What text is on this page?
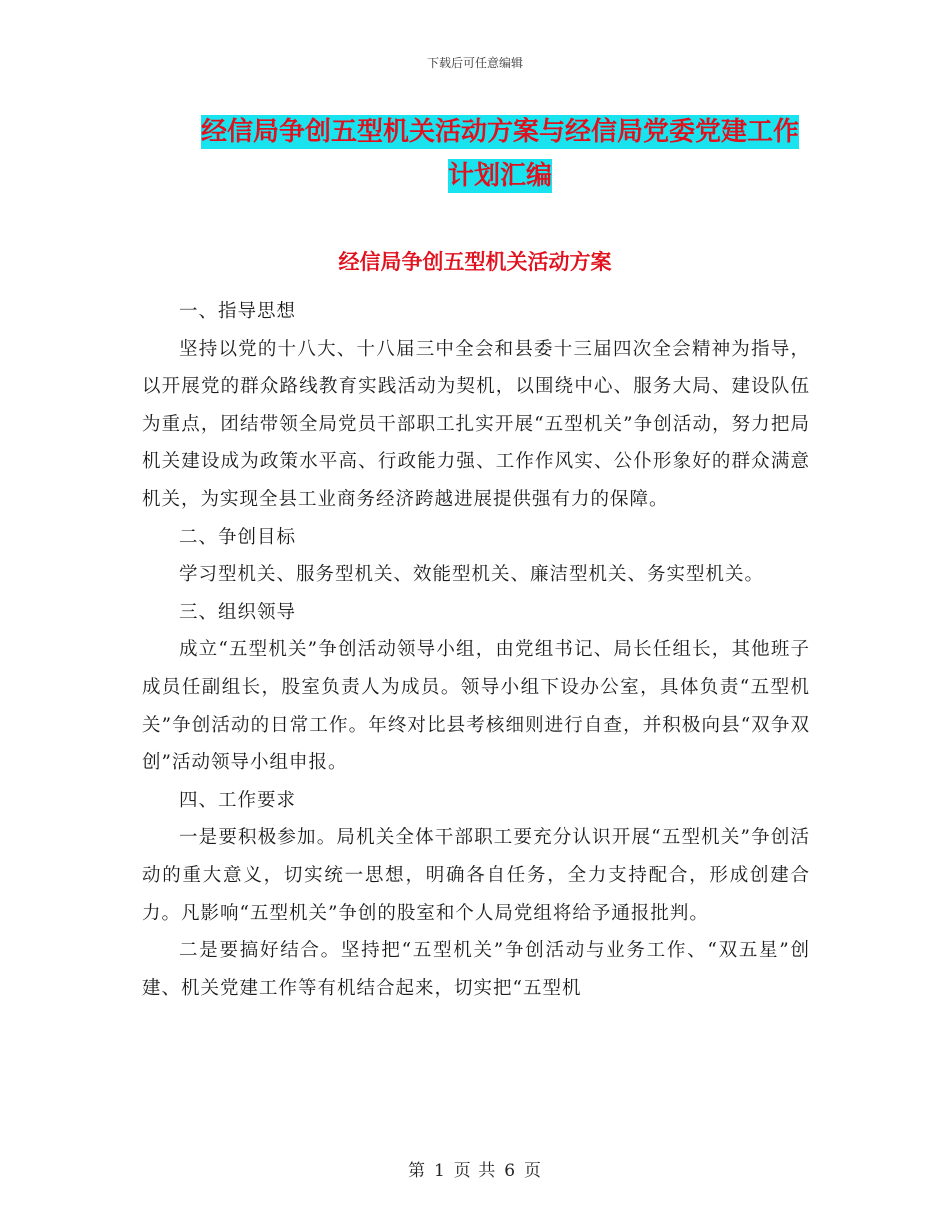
下载后可任意编辑
经信局争创五型机关活动方案与经信局党委党建工作
计划汇编
经信局争创五型机关活动方案

一、指导思想

坚持以党的十八大、十八届三中全会和县委十三届四次全会精神为指导，以开展党的群众路线教育实践活动为契机，以围绕中心、服务大局、建设队伍为重点，团结带领全局党员干部职工扎实开展“五型机关”争创活动，努力把局机关建设成为政策水平高、行政能力强、工作作风实、公仆形象好的群众满意机关，为实现全县工业商务经济跨越进展提供强有力的保障。

二、争创目标

学习型机关、服务型机关、效能型机关、廉洁型机关、务实型机关。

三、组织领导

成立“五型机关”争创活动领导小组，由党组书记、局长任组长，其他班子成员任副组长，股室负责人为成员。领导小组下设办公室，具体负责“五型机关”争创活动的日常工作。年终对比县考核细则进行自查，并积极向县“双争双创”活动领导小组申报。

四、工作要求

一是要积极参加。局机关全体干部职工要充分认识开展“五型机关”争创活动的重大意义，切实统一思想，明确各自任务，全力支持配合，形成创建合力。凡影响“五型机关”争创的股室和个人局党组将给予通报批判。

二是要搞好结合。坚持把“五型机关”争创活动与业务工作、“双五星”创建、机关党建工作等有机结合起来，切实把“五型机

第 1 页 共 6 页
